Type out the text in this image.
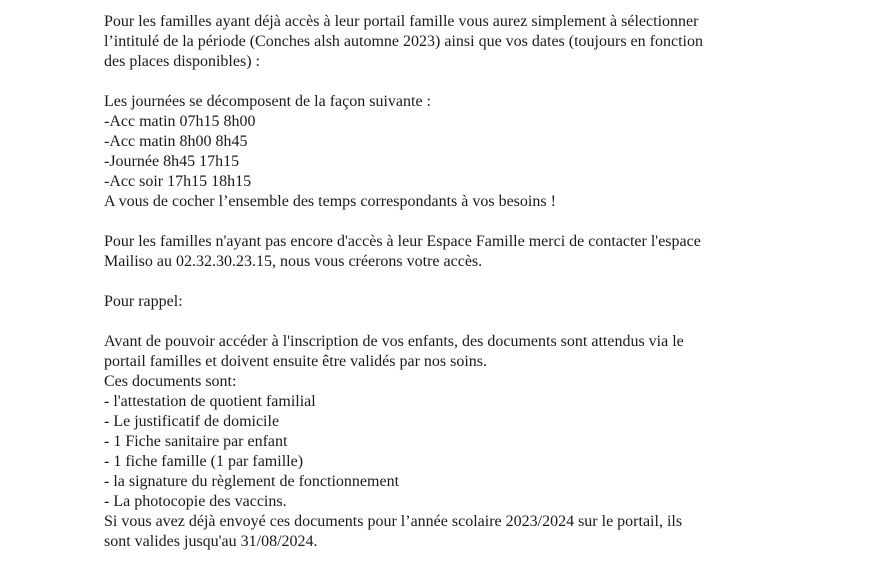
Pour les familles ayant déjà accès à leur portail famille vous aurez simplement à sélectionner
l’intitulé de la période (Conches alsh automne 2023) ainsi que vos dates (toujours en fonction
des places disponibles) :
Les journées se décomposent de la façon suivante :
-Acc matin 07h15 8h00
-Acc matin 8h00 8h45
-Journée 8h45 17h15
-Acc soir 17h15 18h15
A vous de cocher l’ensemble des temps correspondants à vos besoins !
Pour les familles n'ayant pas encore d'accès à leur Espace Famille merci de contacter l'espace
Mailiso au 02.32.30.23.15, nous vous créerons votre accès.
Pour rappel:
Avant de pouvoir accéder à l'inscription de vos enfants, des documents sont attendus via le
portail familles et doivent ensuite être validés par nos soins.
Ces documents sont:
- l'attestation de quotient familial
- Le justificatif de domicile
- 1 Fiche sanitaire par enfant
- 1 fiche famille (1 par famille)
- la signature du règlement de fonctionnement
- La photocopie des vaccins.
Si vous avez déjà envoyé ces documents pour l’année scolaire 2023/2024 sur le portail, ils
sont valides jusqu'au 31/08/2024.
